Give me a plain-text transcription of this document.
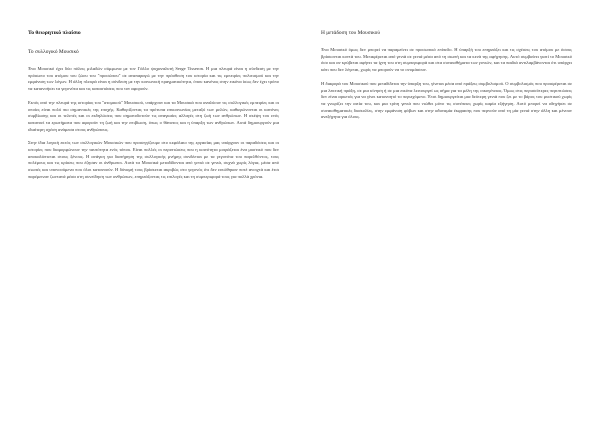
Το θεωρητικό πλαίσιο
Το συλλογικό Μουσικό

Ένα Μουσικό έχει δύο πόλεις μιλαδών σύμφωνα με τον Γάλλο ψυχαναλυτή Serge Tisseron. Η μια πλευρά είναι η σύνδεση με την πρόσωπο του ατόμου του ζώου του "προσώπου" σε αναπαραγώ με την πρόσθεση του ιστορία και τις εμπειρίες πολιτισμού και την εμφάνιση των λόγων. Η άλλη πλευρά είναι η σύνδεση με την κοινωνική πραγματικότητα, όπου κανένας στην εικόνα ίσως δεν έχει τρόπο να κατανοήσει τα γεγονότα και τις καταστάσεις που τον αφορούν.

Εκτός από την πλευρά της ιστορίας του "ατομικού" Μουσικού, υπάρχουν και τα Μουσικά που αναλύουν τις συλλογικές εμπειρίες και οι οποίες είναι πολύ πιο σημαντικές της εποχής. Καθορίζοντας τα πρότυπα επικοινωνίας μεταξύ των μελών, καθιερώνονται οι κανόνες συμβίωσης και οι τελετές και οι εκδηλώσεις που σηματοδοτούν τις αναγκαίες αλλαγές στη ζωή των ανθρώπων. Η σκέψη του ενός κατανοεί τα ερωτήματα που αφορούν τη ζωή και την επιβίωση, όπως ο θάνατος και η ύπαρξη των ανθρώπων. Αυτά δημιουργούν μια ιδιαίτερη σχέση ανάμεσα στους ανθρώπους.

Στην ίδια λογική εκτός των συλλογικών Μουσικών που προσεγγίζουμε στο κεφάλαιο της εργασίας μας υπάρχουν οι παραδόσεις και οι ιστορίες που διαμορφώνουν την ταυτότητα ενός τόπου. Είναι πολλές οι περιπτώσεις που η κοινότητα μοιράζεται ένα μυστικό που δεν αποκαλύπτεται στους ξένους. Η ανάγκη για διατήρηση της συλλογικής μνήμης συνδέεται με τα γεγονότα του παρελθόντος, τους πολέμους και τις κρίσεις που έζησαν οι άνθρωποι. Αυτά τα Μουσικά μεταδίδονται από γενιά σε γενιά, συχνά χωρίς λόγια, μέσα από σιωπές και υπονοούμενα που όλοι κατανοούν. Η δύναμή τους βρίσκεται ακριβώς στο γεγονός ότι δεν ειπώθηκαν ποτέ ανοιχτά και έτσι παρέμειναν ζωντανά μέσα στη συνείδηση των ανθρώπων, επηρεάζοντας τις επιλογές και τη συμπεριφορά τους για πολλά χρόνια.

Η μετάδοση του Μουσικού

Ένα Μουσικό όμως δεν μπορεί να παραμείνει σε προσωπικό επίπεδο. Η ύπαρξή του επηρεάζει και τις σχέσεις του ατόμου με όσους βρίσκονται κοντά του. Μεταφέρεται από γενιά σε γενιά μέσα από τη σιωπή και τα κενά της αφήγησης. Αυτό συμβαίνει γιατί το Μουσικό όσο και αν κρύβεται αφήνει τα ίχνη του στη συμπεριφορά και στα συναισθήματα των γονιών, και τα παιδιά αντιλαμβάνονται ότι υπάρχει κάτι που δεν λέγεται, χωρίς να μπορούν να το ονομάσουν.

Η διαφορά του Μουσικού που μεταδίδεται την ύπαρξη του, γίνεται μέσα από πράξεις συμβολισμού. Ο συμβολισμός που προσφέρεται σε μια λεκτική πράξη, σε μια κίνηση ή σε μια εικόνα λειτουργεί ως σήμα για τα μέλη της οικογένειας. Όμως στις περισσότερες περιπτώσεις δεν είναι αρκετός για να γίνει κατανοητό το περιεχόμενο. Έτσι δημιουργείται μια δεύτερη γενιά που ζει με το βάρος του μυστικού χωρίς να γνωρίζει την αιτία του, και μια τρίτη γενιά που νιώθει μόνο τις συνέπειες χωρίς καμία εξήγηση. Αυτό μπορεί να οδηγήσει σε συναισθηματικές δυσκολίες, στην εμφάνιση φόβων και στην αδυναμία έκφρασης που περνούν από τη μία γενιά στην άλλη και μένουν ανεξήγητα για όλους.
